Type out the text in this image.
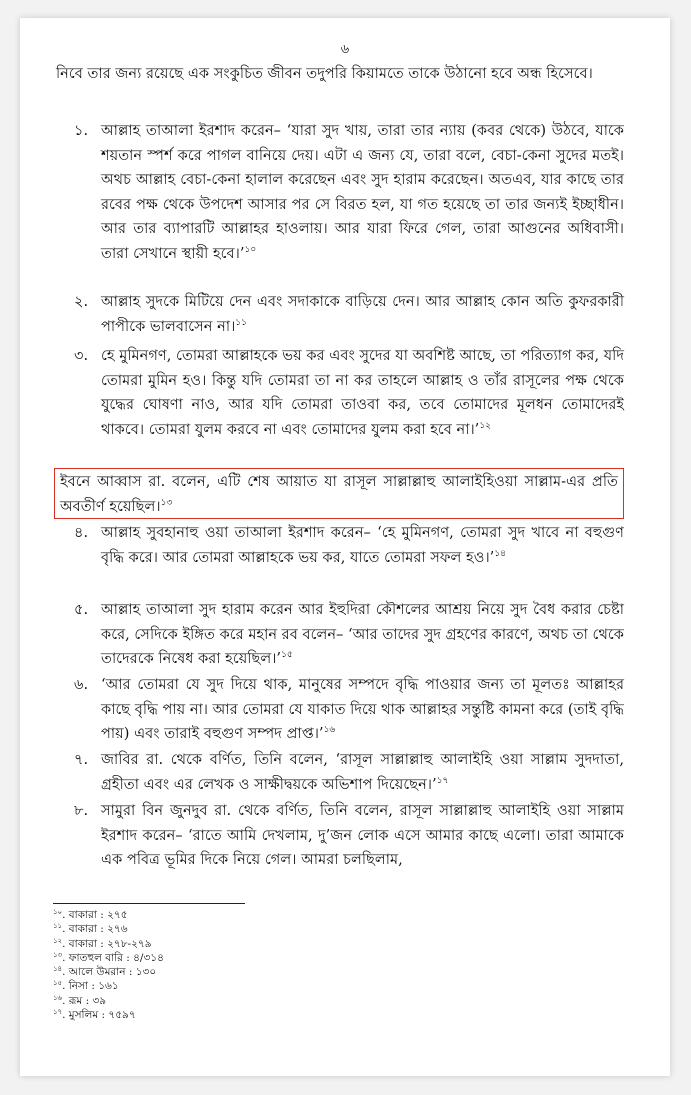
৬
নিবে তার জন্য রয়েছে এক সংকুচিত জীবন তদুপরি কিয়ামতে তাকে উঠানো হবে অন্ধ হিসেবে।
১. আল্লাহ তাআলা ইরশাদ করেন– ‘যারা সুদ খায়, তারা তার ন্যায় (কবর থেকে) উঠবে, যাকে শয়তান স্পর্শ করে পাগল বানিয়ে দেয়। এটা এ জন্য যে, তারা বলে, বেচা-কেনা সুদের মতই। অথচ আল্লাহ বেচা-কেনা হালাল করেছেন এবং সুদ হারাম করেছেন। অতএব, যার কাছে তার রবের পক্ষ থেকে উপদেশ আসার পর সে বিরত হল, যা গত হয়েছে তা তার জন্যই ইচ্ছাধীন। আর তার ব্যাপারটি আল্লাহর হাওলায়। আর যারা ফিরে গেল, তারা আগুনের অধিবাসী। তারা সেখানে স্থায়ী হবে।’$^{১০}$
২. আল্লাহ সুদকে মিটিয়ে দেন এবং সদাকাকে বাড়িয়ে দেন। আর আল্লাহ কোন অতি কুফরকারী পাপীকে ভালবাসেন না।$^{১১}$
৩. হে মুমিনগণ, তোমরা আল্লাহকে ভয় কর এবং সুদের যা অবশিষ্ট আছে, তা পরিত্যাগ কর, যদি তোমরা মুমিন হও। কিন্তু যদি তোমরা তা না কর তাহলে আল্লাহ ও তাঁর রাসূলের পক্ষ থেকে যুদ্ধের ঘোষণা নাও, আর যদি তোমরা তাওবা কর, তবে তোমাদের মূলধন তোমাদেরই থাকবে। তোমরা যুলম করবে না এবং তোমাদের যুলম করা হবে না।’$^{১২}$
ইবনে আব্বাস রা. বলেন, এটি শেষ আয়াত যা রাসূল সাল্লাল্লাহু আলাইহিওয়া সাল্লাম-এর প্রতি অবতীর্ণ হয়েছিল।$^{১৩}$
৪. আল্লাহ সুবহানাহু ওয়া তাআলা ইরশাদ করেন– ‘হে মুমিনগণ, তোমরা সুদ খাবে না বহুগুণ বৃদ্ধি করে। আর তোমরা আল্লাহকে ভয় কর, যাতে তোমরা সফল হও।’$^{১৪}$
৫. আল্লাহ তাআলা সুদ হারাম করেন আর ইহুদিরা কৌশলের আশ্রয় নিয়ে সুদ বৈধ করার চেষ্টা করে, সেদিকে ইঙ্গিত করে মহান রব বলেন– ‘আর তাদের সুদ গ্রহণের কারণে, অথচ তা থেকে তাদেরকে নিষেধ করা হয়েছিল।’$^{১৫}$
৬. ‘আর তোমরা যে সুদ দিয়ে থাক, মানুষের সম্পদে বৃদ্ধি পাওয়ার জন্য তা মূলতঃ আল্লাহর কাছে বৃদ্ধি পায় না। আর তোমরা যে যাকাত দিয়ে থাক আল্লাহর সন্তুষ্টি কামনা করে (তাই বৃদ্ধি পায়) এবং তারাই বহুগুণ সম্পদ প্রাপ্ত।’$^{১৬}$
৭. জাবির রা. থেকে বর্ণিত, তিনি বলেন, ‘রাসূল সাল্লাল্লাহু আলাইহি ওয়া সাল্লাম সুদদাতা, গ্রহীতা এবং এর লেখক ও সাক্ষীদ্বয়কে অভিশাপ দিয়েছেন।’$^{১৭}$
৮. সামুরা বিন জুনদুব রা. থেকে বর্ণিত, তিনি বলেন, রাসূল সাল্লাল্লাহু আলাইহি ওয়া সাল্লাম ইরশাদ করেন– ‘রাতে আমি দেখলাম, দু’জন লোক এসে আমার কাছে এলো। তারা আমাকে এক পবিত্র ভূমির দিকে নিয়ে গেল। আমরা চলছিলাম,
$^{১০}$. বাকারা : ২৭৫
$^{১১}$. বাকারা : ২৭৬
$^{১২}$. বাকারা : ২৭৮-২৭৯
$^{১৩}$. ফাতহুল বারি : ৪/৩১৪
$^{১৪}$. আলে উমরান : ১৩০
$^{১৫}$. নিসা : ১৬১
$^{১৬}$. রূম : ৩৯
$^{১৭}$. মুসলিম : ৭৫৯৭
